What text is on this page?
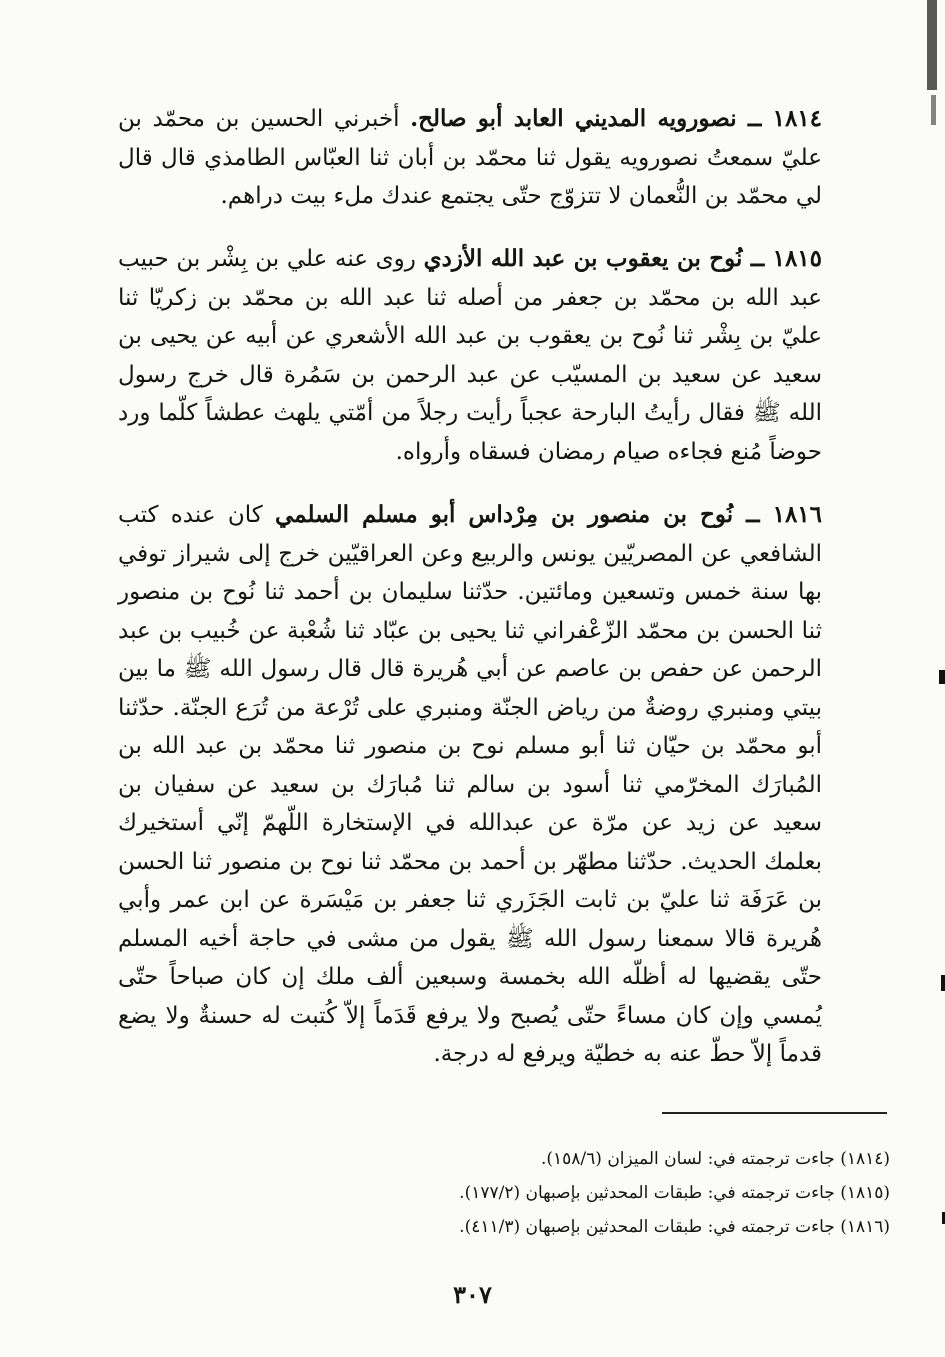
١٨١٤ ــ نصورويه المديني العابد أبو صالح. أخبرني الحسين بن محمّد بن عليّ سمعتُ نصورويه يقول ثنا محمّد بن أبان ثنا العبّاس الطامذي قال قال لي محمّد بن النُّعمان لا تتزوّج حتّى يجتمع عندك ملء بيت دراهم.
١٨١٥ ــ نُوح بن يعقوب بن عبد الله الأزدي روى عنه علي بن بِشْر بن حبيب عبد الله بن محمّد بن جعفر من أصله ثنا عبد الله بن محمّد بن زكريّا ثنا عليّ بن بِشْر ثنا نُوح بن يعقوب بن عبد الله الأشعري عن أبيه عن يحيى بن سعيد عن سعيد بن المسيّب عن عبد الرحمن بن سَمُرة قال خرج رسول الله ﷺ فقال رأيتُ البارحة عجباً رأيت رجلاً من أمّتي يلهث عطشاً كلّما ورد حوضاً مُنع فجاءه صيام رمضان فسقاه وأرواه.
١٨١٦ ــ نُوح بن منصور بن مِرْداس أبو مسلم السلمي كان عنده كتب الشافعي عن المصريّين يونس والربيع وعن العراقيّين خرج إلى شيراز توفي بها سنة خمس وتسعين ومائتين. حدّثنا سليمان بن أحمد ثنا نُوح بن منصور ثنا الحسن بن محمّد الزّعْفراني ثنا يحيى بن عبّاد ثنا شُعْبة عن خُبيب بن عبد الرحمن عن حفص بن عاصم عن أبي هُريرة قال قال رسول الله ﷺ ما بين بيتي ومنبري روضةٌ من رياض الجنّة ومنبري على تُرْعة من تُرَع الجنّة. حدّثنا أبو محمّد بن حيّان ثنا أبو مسلم نوح بن منصور ثنا محمّد بن عبد الله بن المُبارَك المخرّمي ثنا أسود بن سالم ثنا مُبارَك بن سعيد عن سفيان بن سعيد عن زيد عن مرّة عن عبدالله في الإستخارة اللّهمّ إنّي أستخيرك بعلمك الحديث. حدّثنا مطهّر بن أحمد بن محمّد ثنا نوح بن منصور ثنا الحسن بن عَرَفَة ثنا عليّ بن ثابت الجَزَري ثنا جعفر بن مَيْسَرة عن ابن عمر وأبي هُريرة قالا سمعنا رسول الله ﷺ يقول من مشى في حاجة أخيه المسلم حتّى يقضيها له أظلّه الله بخمسة وسبعين ألف ملك إن كان صباحاً حتّى يُمسي وإن كان مساءً حتّى يُصبح ولا يرفع قَدَماً إلاّ كُتبت له حسنةٌ ولا يضع قدماً إلاّ حطّ عنه به خطيّة ويرفع له درجة.

(١٨١٤) جاءت ترجمته في: لسان الميزان (١٥٨/٦).

(١٨١٥) جاءت ترجمته في: طبقات المحدثين بإصبهان (١٧٧/٢).

(١٨١٦) جاءت ترجمته في: طبقات المحدثين بإصبهان (٤١١/٣).

٣٠٧
